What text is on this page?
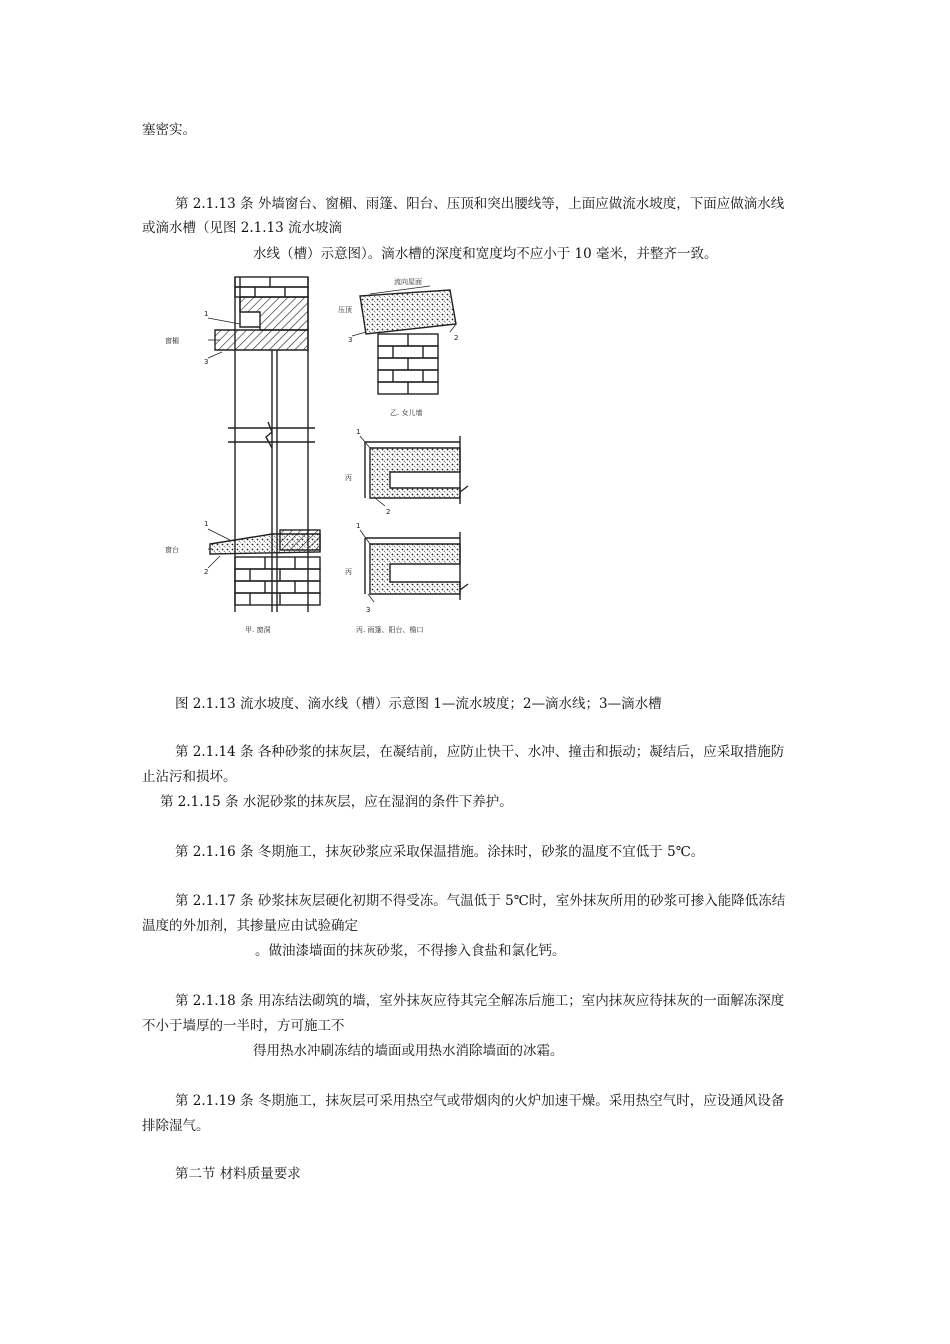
塞密实。
第 2.1.13 条 外墙窗台、窗楣、雨篷、阳台、压顶和突出腰线等，上面应做流水坡度，下面应做滴水线
或滴水槽（见图 2.1.13 流水坡滴
水线（槽）示意图）。滴水槽的深度和宽度均不应小于 10 毫米，并整齐一致。
窗楣
窗台
1
3
1
2
甲. 窗洞
流向屋面
压顶
3	2
乙. 女儿墙
丙
1
2
丙
1
3
丙. 雨篷、阳台、檐口
图 2.1.13 流水坡度、滴水线（槽）示意图 1—流水坡度；2—滴水线；3—滴水槽
第 2.1.14 条 各种砂浆的抹灰层，在凝结前，应防止快干、水冲、撞击和振动；凝结后，应采取措施防
止沾污和损坏。
第 2.1.15 条 水泥砂浆的抹灰层，应在湿润的条件下养护。
第 2.1.16 条 冬期施工，抹灰砂浆应采取保温措施。涂抹时，砂浆的温度不宜低于 5℃。
第 2.1.17 条 砂浆抹灰层硬化初期不得受冻。气温低于 5℃时，室外抹灰所用的砂浆可掺入能降低冻结
温度的外加剂，其掺量应由试验确定
。做油漆墙面的抹灰砂浆，不得掺入食盐和氯化钙。
第 2.1.18 条 用冻结法砌筑的墙，室外抹灰应待其完全解冻后施工；室内抹灰应待抹灰的一面解冻深度
不小于墙厚的一半时，方可施工不
得用热水冲刷冻结的墙面或用热水消除墙面的冰霜。
第 2.1.19 条 冬期施工，抹灰层可采用热空气或带烟肉的火炉加速干燥。采用热空气时，应设通风设备
排除湿气。
第二节 材料质量要求
